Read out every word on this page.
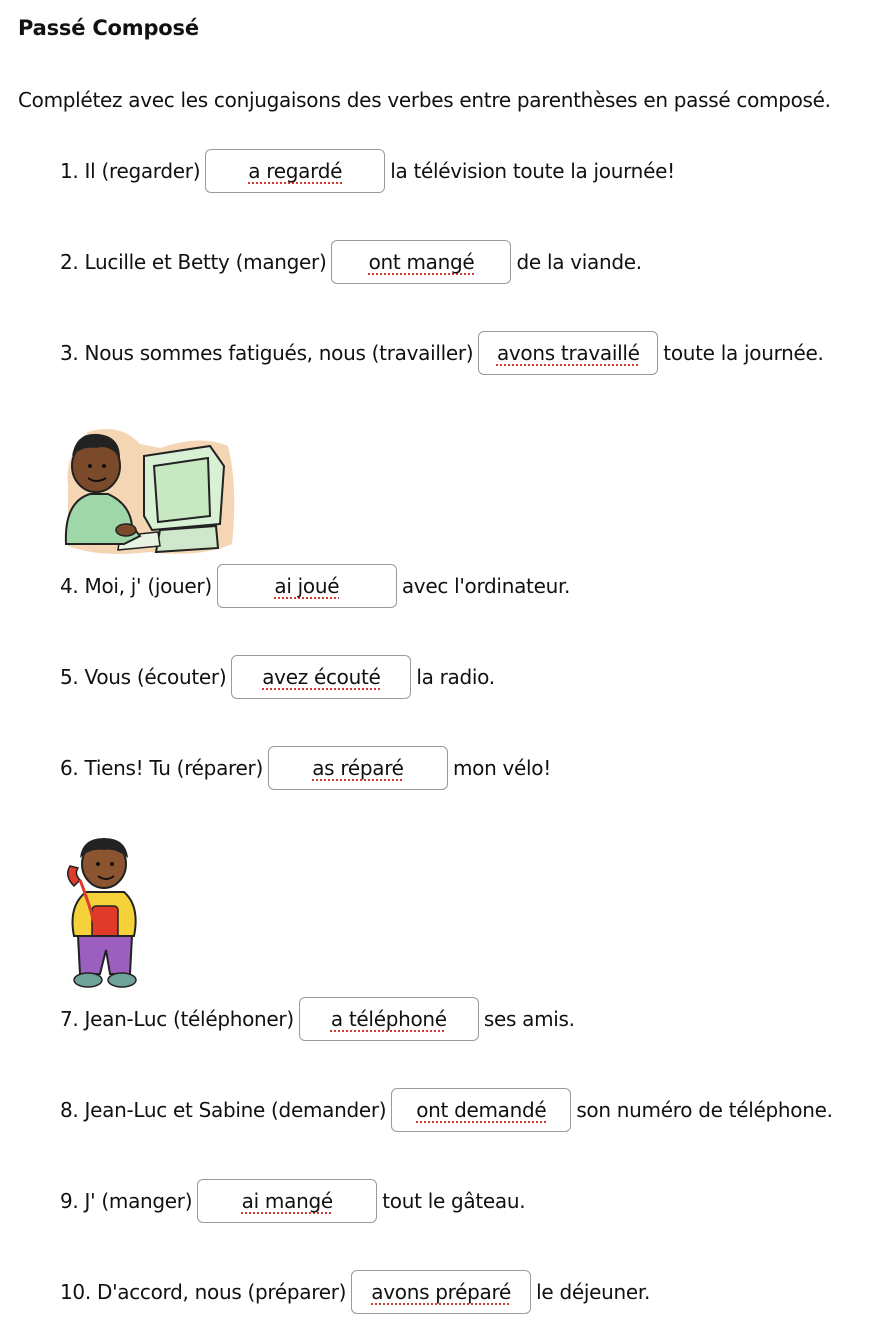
Passé Composé
Complétez avec les conjugaisons des verbes entre parenthèses en passé composé.
1. Il (regarder) a regardé la télévision toute la journée!
2. Lucille et Betty (manger) ont mangé de la viande.
3. Nous sommes fatigués, nous (travailler) avons travaillé toute la journée.
4. Moi, j' (jouer)	ai joué	avec l'ordinateur.
5. Vous (écouter) avez écouté la radio.
6. Tiens! Tu (réparer) as réparé mon vélo!
7. Jean-Luc (téléphoner) a téléphoné ses amis.
8. Jean-Luc et Sabine (demander) ont demandé son numéro de téléphone.
9. J' (manger) ai mangé tout le gâteau.
10. D'accord, nous (préparer) avons préparé le déjeuner.
